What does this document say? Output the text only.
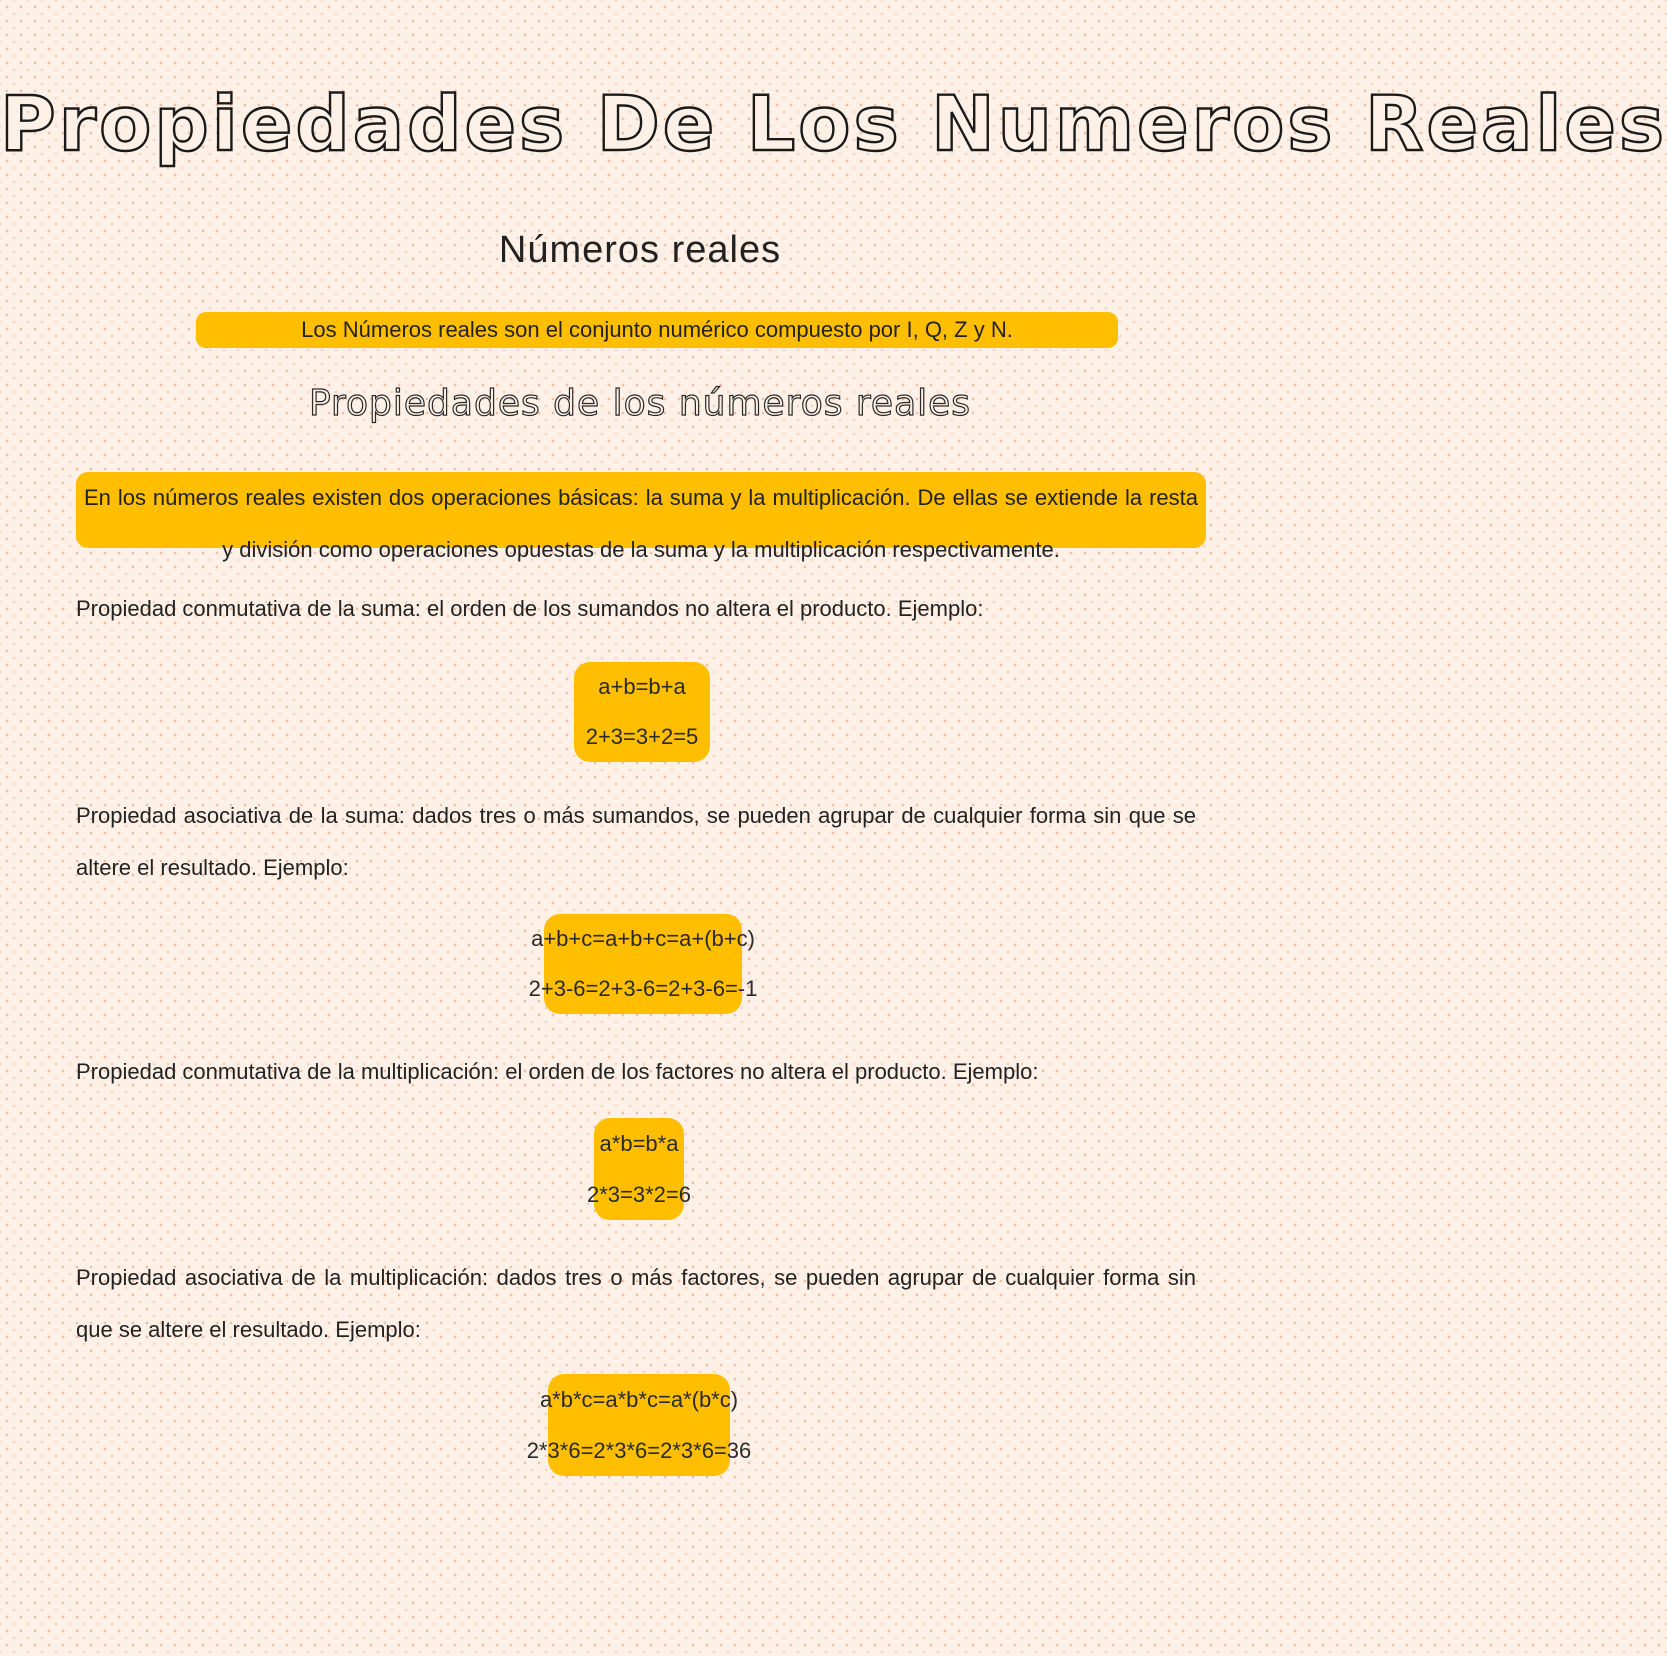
Propiedades De Los Numeros Reales
Números reales
Los Números reales son el conjunto numérico compuesto por I, Q, Z y N.
Propiedades de los números reales
En los números reales existen dos operaciones básicas: la suma y la multiplicación. De ellas se extiende la resta y división como operaciones opuestas de la suma y la multiplicación respectivamente.
Propiedad conmutativa de la suma: el orden de los sumandos no altera el producto. Ejemplo:
a+b=b+a
2+3=3+2=5
Propiedad asociativa de la suma: dados tres o más sumandos, se pueden agrupar de cualquier forma sin que se altere el resultado. Ejemplo:
a+b+c=a+b+c=a+(b+c)
2+3-6=2+3-6=2+3-6=-1
Propiedad conmutativa de la multiplicación: el orden de los factores no altera el producto. Ejemplo:
a*b=b*a
2*3=3*2=6
Propiedad asociativa de la multiplicación: dados tres o más factores, se pueden agrupar de cualquier forma sin que se altere el resultado. Ejemplo:
a*b*c=a*b*c=a*(b*c)
2*3*6=2*3*6=2*3*6=36
